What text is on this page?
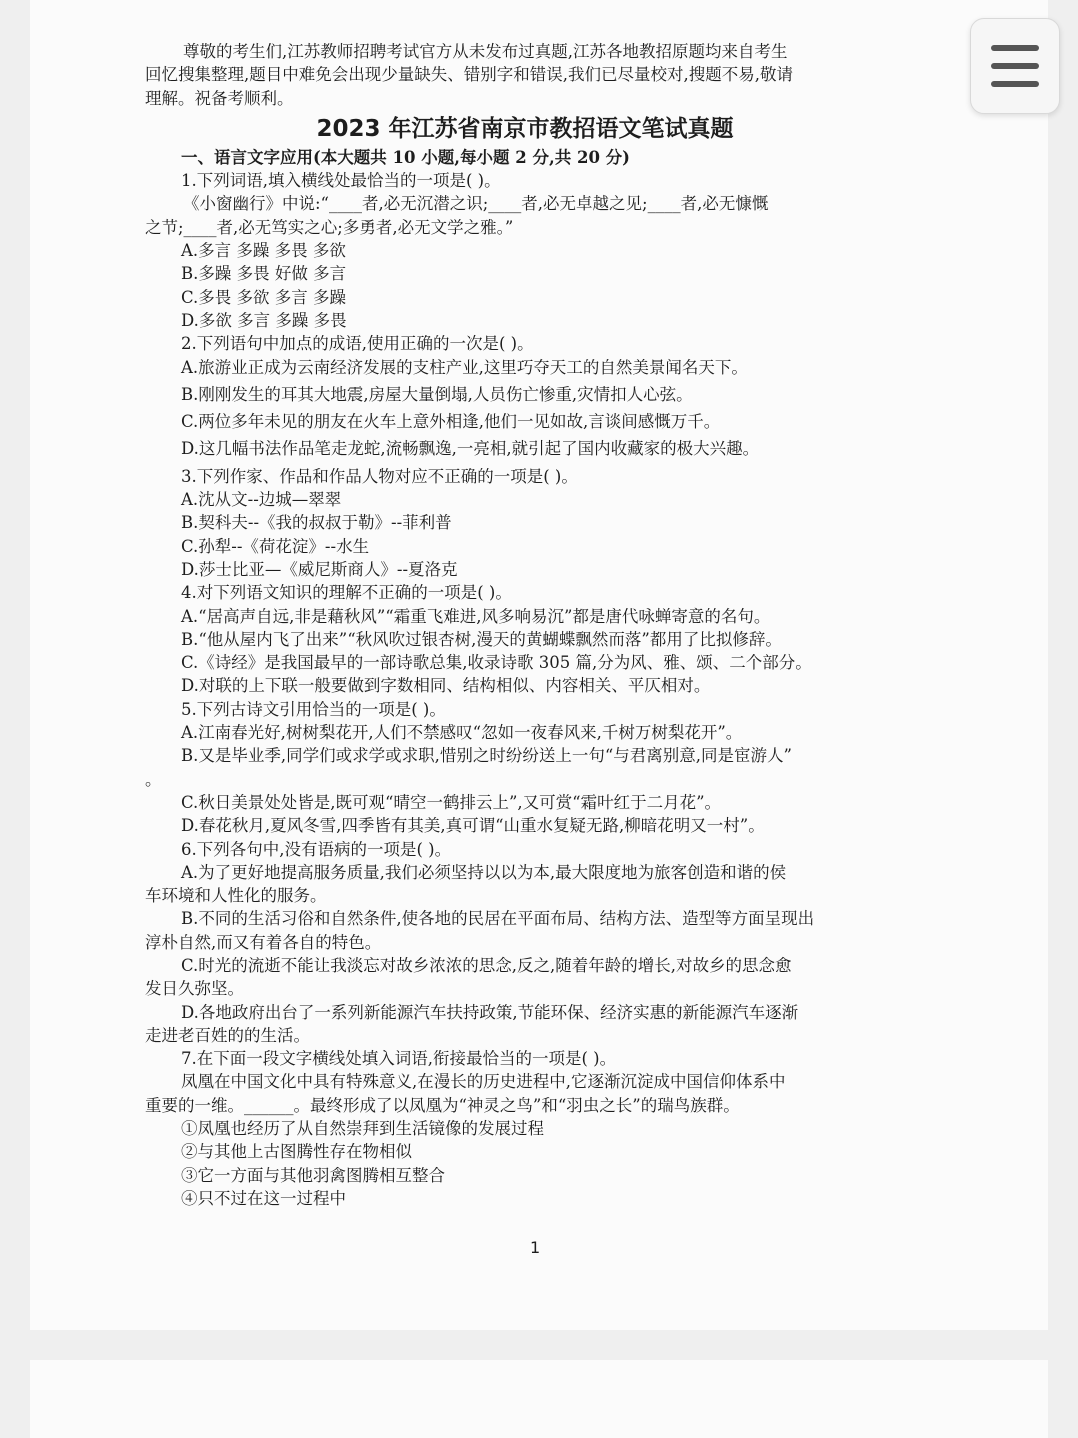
尊敬的考生们,江苏教师招聘考试官方从未发布过真题,江苏各地教招原题均来自考生

回忆搜集整理,题目中难免会出现少量缺失、错别字和错误,我们已尽量校对,搜题不易,敬请

理解。祝备考顺利。

2023 年江苏省南京市教招语文笔试真题

一、语言文字应用(本大题共 10 小题,每小题 2 分,共 20 分)

1.下列词语,填入横线处最恰当的一项是( )。

《小窗幽行》中说:“____者,必无沉潜之识;____者,必无卓越之见;____者,必无慷慨

之节;____者,必无笃实之心;多勇者,必无文学之雅。”

A.多言 多躁 多畏 多欲

B.多躁 多畏 好做 多言

C.多畏 多欲 多言 多躁

D.多欲 多言 多躁 多畏

2.下列语句中加点的成语,使用正确的一次是( )。

A.旅游业正成为云南经济发展的支柱产业,这里巧夺天工的自然美景闻名天下。

B.刚刚发生的耳其大地震,房屋大量倒塌,人员伤亡惨重,灾情扣人心弦。

C.两位多年未见的朋友在火车上意外相逢,他们一见如故,言谈间感慨万千。

D.这几幅书法作品笔走龙蛇,流畅飘逸,一亮相,就引起了国内收藏家的极大兴趣。

3.下列作家、作品和作品人物对应不正确的一项是( )。

A.沈从文--边城—翠翠

B.契科夫--《我的叔叔于勒》--菲利普

C.孙犁--《荷花淀》--水生

D.莎士比亚—《威尼斯商人》--夏洛克

4.对下列语文知识的理解不正确的一项是( )。

A.“居高声自远,非是藉秋风”“霜重飞难进,风多响易沉”都是唐代咏蝉寄意的名句。

B.“他从屋内飞了出来”“秋风吹过银杏树,漫天的黄蝴蝶飘然而落”都用了比拟修辞。

C.《诗经》是我国最早的一部诗歌总集,收录诗歌 305 篇,分为风、雅、颂、二个部分。

D.对联的上下联一般要做到字数相同、结构相似、内容相关、平仄相对。

5.下列古诗文引用恰当的一项是( )。

A.江南春光好,树树梨花开,人们不禁感叹“忽如一夜春风来,千树万树梨花开”。

B.又是毕业季,同学们或求学或求职,惜别之时纷纷送上一句“与君离别意,同是宦游人”

。

C.秋日美景处处皆是,既可观“晴空一鹤排云上”,又可赏“霜叶红于二月花”。

D.春花秋月,夏风冬雪,四季皆有其美,真可谓“山重水复疑无路,柳暗花明又一村”。

6.下列各句中,没有语病的一项是( )。

A.为了更好地提高服务质量,我们必须坚持以以为本,最大限度地为旅客创造和谐的侯

车环境和人性化的服务。

B.不同的生活习俗和自然条件,使各地的民居在平面布局、结构方法、造型等方面呈现出

淳朴自然,而又有着各自的特色。

C.时光的流逝不能让我淡忘对故乡浓浓的思念,反之,随着年龄的增长,对故乡的思念愈

发日久弥坚。

D.各地政府出台了一系列新能源汽车扶持政策,节能环保、经济实惠的新能源汽车逐渐

走进老百姓的的生活。

7.在下面一段文字横线处填入词语,衔接最恰当的一项是( )。

凤凰在中国文化中具有特殊意义,在漫长的历史进程中,它逐渐沉淀成中国信仰体系中

重要的一维。______。最终形成了以凤凰为“神灵之鸟”和“羽虫之长”的瑞鸟族群。

①凤凰也经历了从自然崇拜到生活镜像的发展过程

②与其他上古图腾性存在物相似

③它一方面与其他羽禽图腾相互整合

④只不过在这一过程中

1
